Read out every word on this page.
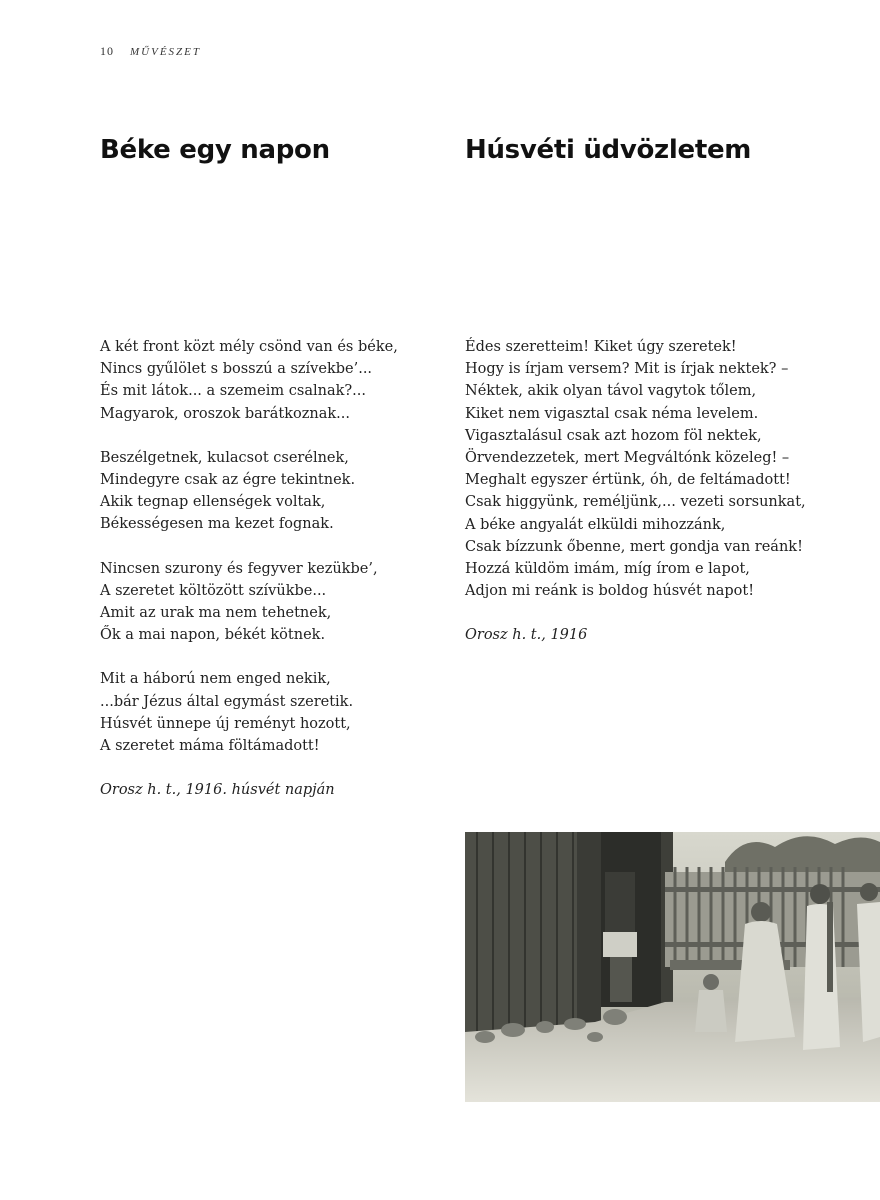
10 MŰVÉSZET
Béke egy napon	Húsvéti üdvözletem
A két front közt mély csönd van és béke,
Nincs gyűlölet s bosszú a szívekbe’...
És mit látok... a szemeim csalnak?...
Magyarok, oroszok barátkoznak...
Beszélgetnek, kulacsot cserélnek,
Mindegyre csak az égre tekintnek.
Akik tegnap ellenségek voltak,
Békességesen ma kezet fognak.
Nincsen szurony és fegyver kezükbe’,
A szeretet költözött szívükbe...
Amit az urak ma nem tehetnek,
Ők a mai napon, békét kötnek.
Mit a háború nem enged nekik,
...bár Jézus által egymást szeretik.
Húsvét ünnepe új reményt hozott,
A szeretet máma föltámadott!
Orosz h. t., 1916. húsvét napján
Édes szeretteim! Kiket úgy szeretek!
Hogy is írjam versem? Mit is írjak nektek? –
Néktek, akik olyan távol vagytok tőlem,
Kiket nem vigasztal csak néma levelem.
Vigasztalásul csak azt hozom föl nektek,
Örvendezzetek, mert Megváltónk közeleg! –
Meghalt egyszer értünk, óh, de feltámadott!
Csak higgyünk, reméljünk,... vezeti sorsunkat,
A béke angyalát elküldi mihozzánk,
Csak bízzunk őbenne, mert gondja van reánk!
Hozzá küldöm imám, míg írom e lapot,
Adjon mi reánk is boldog húsvét napot!
Orosz h. t., 1916
